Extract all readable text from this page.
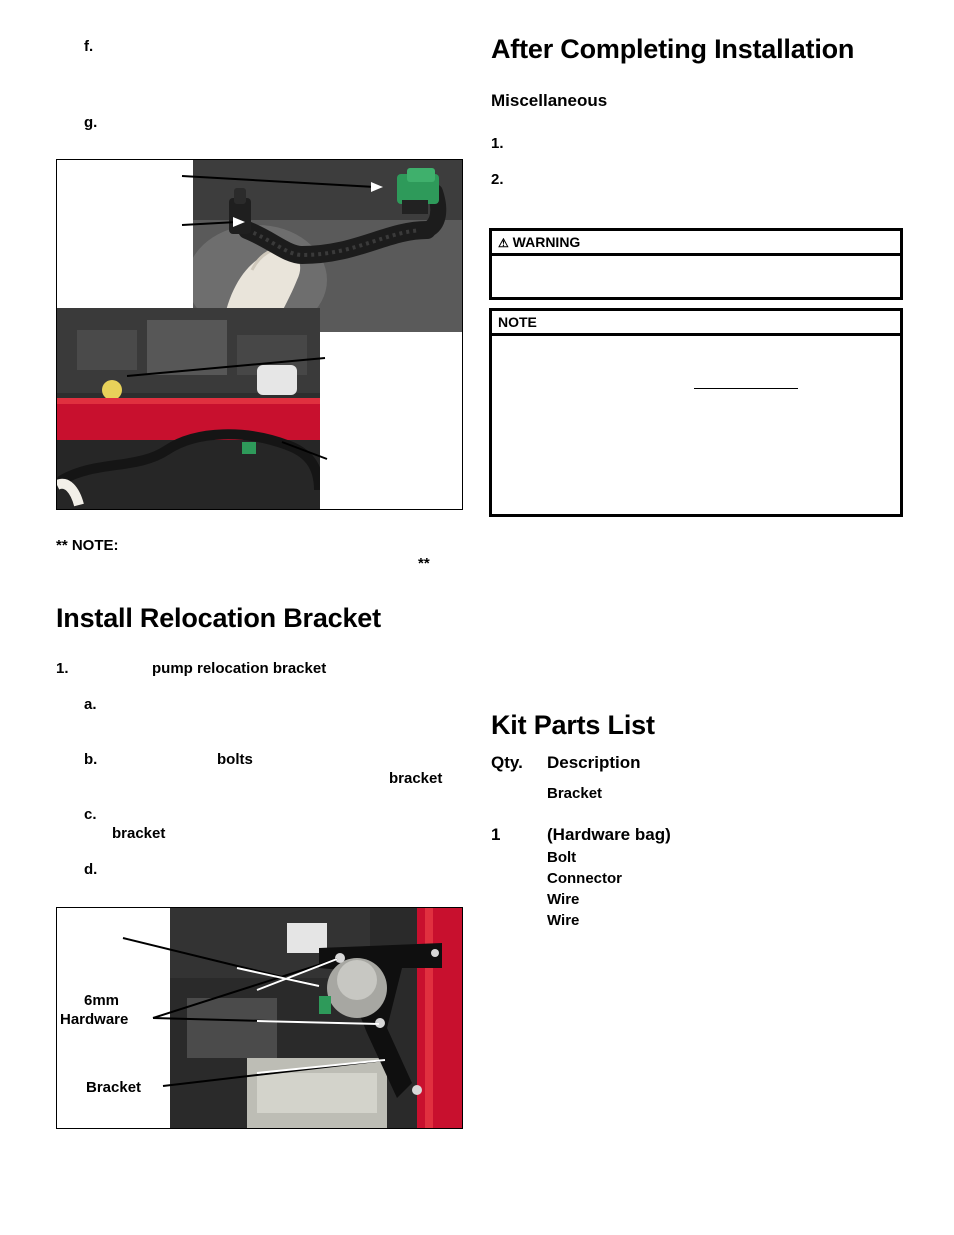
f.
g.
** NOTE:
**
Install Relocation Bracket
1.	pump relocation bracket
a.
b.	bolts
bracket
c.
bracket
d.
6mm
Hardware
Bracket
After Completing Installation
Miscellaneous
1.
2.
⚠ WARNING
NOTE
Kit Parts List
Qty. Description
Bracket
1	(Hardware bag)
Bolt
Connector
Wire
Wire
